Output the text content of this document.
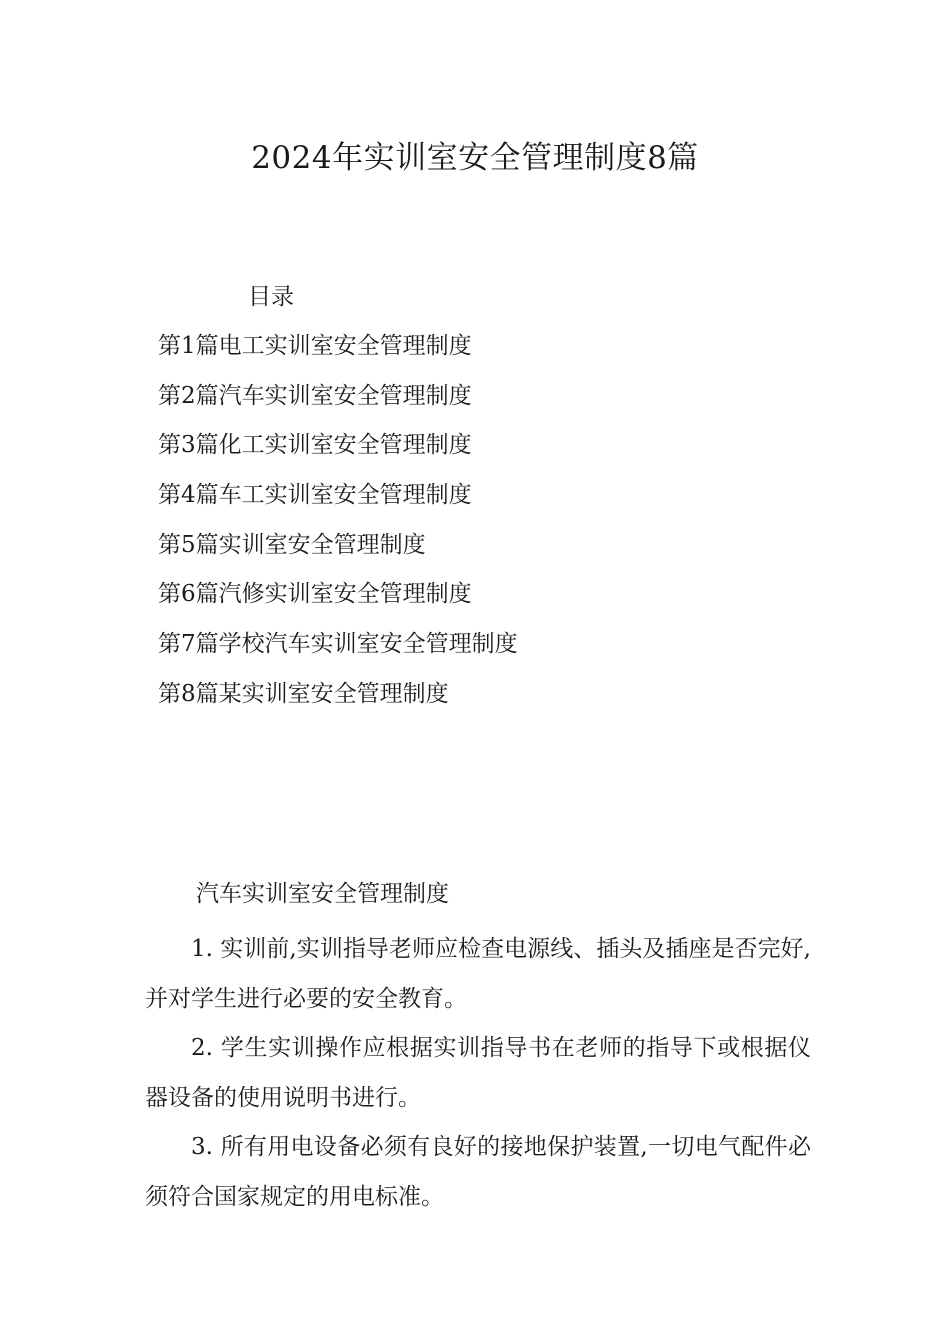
2024年实训室安全管理制度8篇
目录
第1篇电工实训室安全管理制度
第2篇汽车实训室安全管理制度
第3篇化工实训室安全管理制度
第4篇车工实训室安全管理制度
第5篇实训室安全管理制度
第6篇汽修实训室安全管理制度
第7篇学校汽车实训室安全管理制度
第8篇某实训室安全管理制度
汽车实训室安全管理制度

1. 实训前,实训指导老师应检查电源线、插头及插座是否完好,并对学生进行必要的安全教育。

2. 学生实训操作应根据实训指导书在老师的指导下或根据仪器设备的使用说明书进行。

3. 所有用电设备必须有良好的接地保护装置,一切电气配件必须符合国家规定的用电标准。
